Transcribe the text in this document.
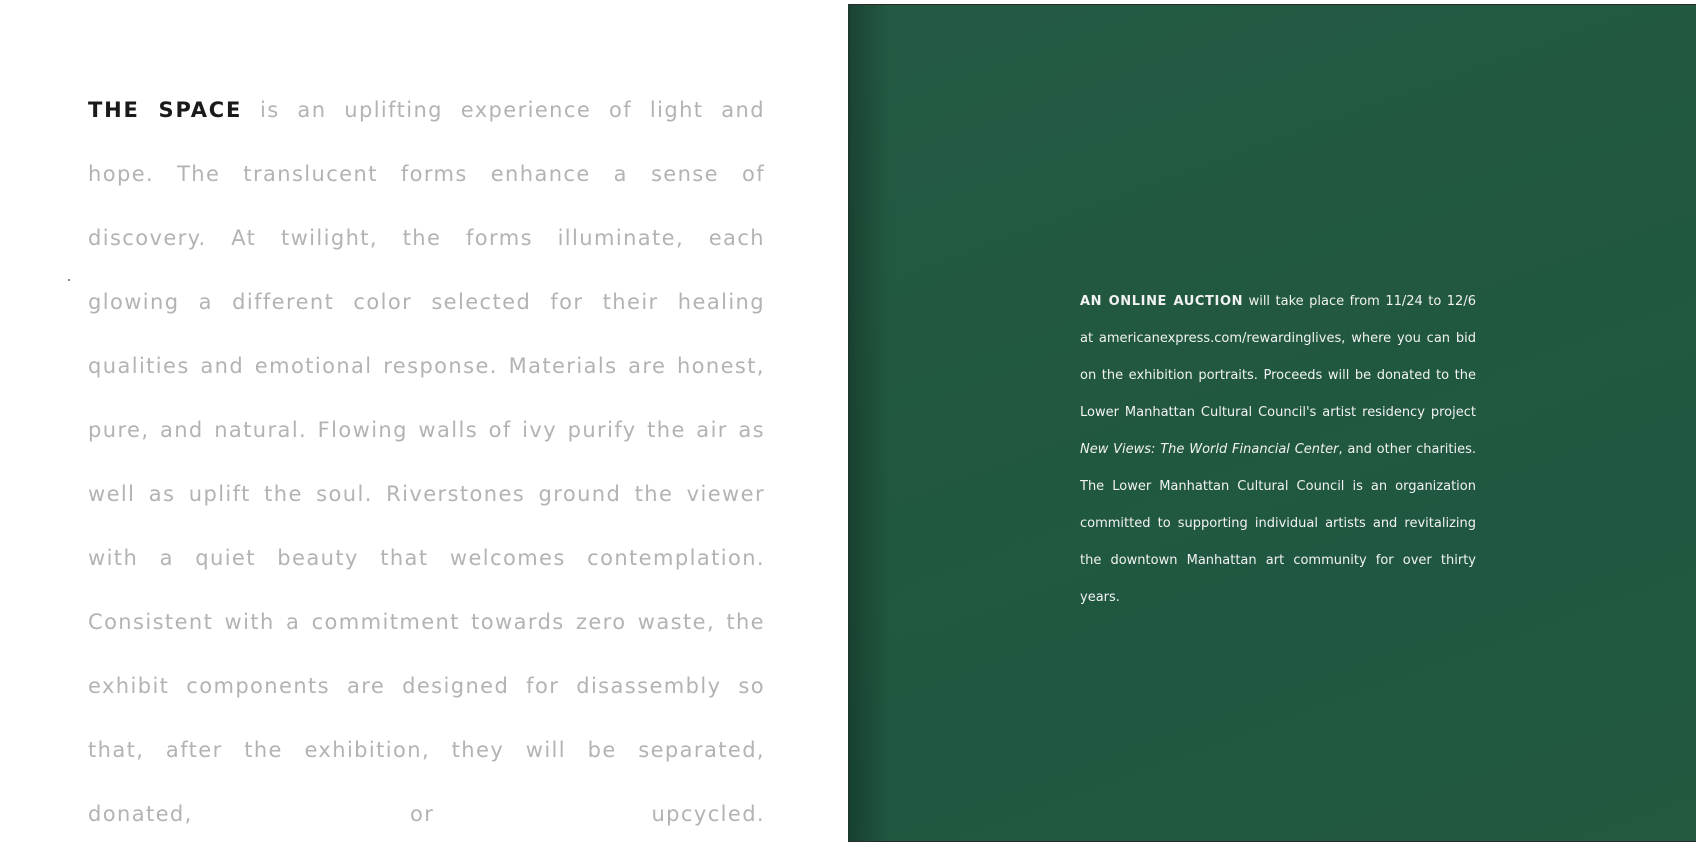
THE SPACE is an uplifting experience of light and hope. The translucent forms enhance a sense of discovery. At twilight, the forms illuminate, each glowing a different color selected for their healing qualities and emotional response. Materials are honest, pure, and natural. Flowing walls of ivy purify the air as well as uplift the soul. Riverstones ground the viewer with a quiet beauty that welcomes contemplation. Consistent with a commitment towards zero waste, the exhibit components are designed for disassembly so that, after the exhibition, they will be separated, donated, or upcycled.

AN ONLINE AUCTION will take place from 11/24 to 12/6 at americanexpress.com/rewardinglives, where you can bid on the exhibition portraits. Proceeds will be donated to the Lower Manhattan Cultural Council's artist residency project New Views: The World Financial Center, and other charities. The Lower Manhattan Cultural Council is an organization committed to supporting individual artists and revitalizing the downtown Manhattan art community for over thirty years.
